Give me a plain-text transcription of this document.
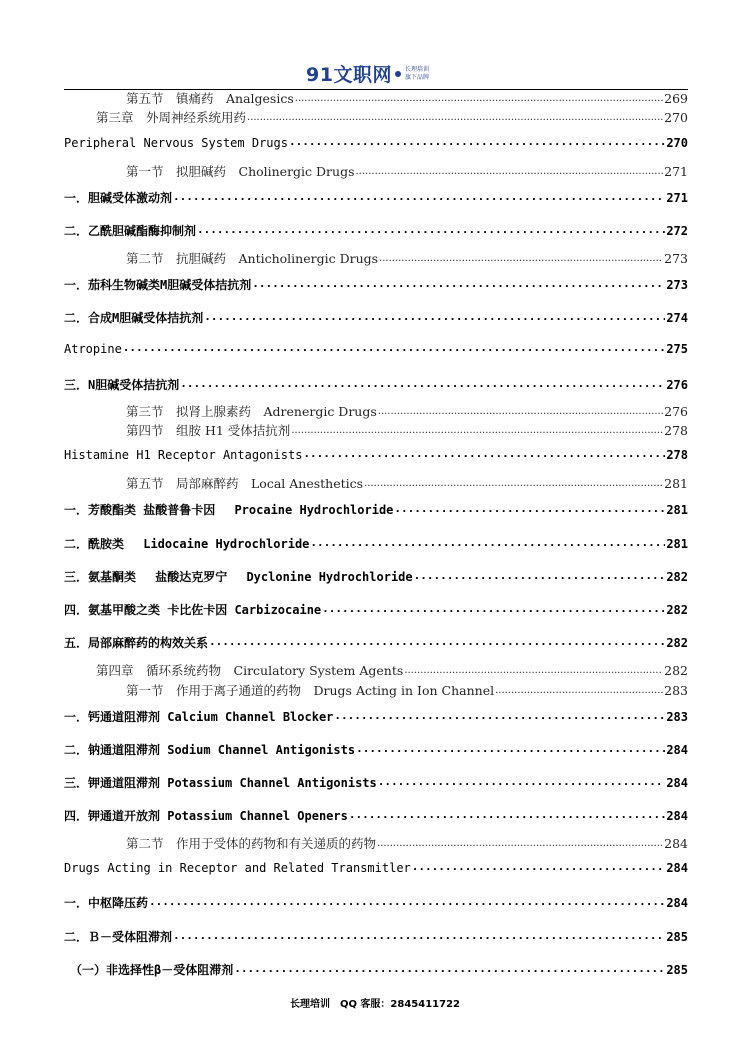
91文职网 长理培训
旗下品牌
第五节　镇痛药　Analgesics .....	269
第三章　外周神经系统用药 .....	270
Peripheral Nervous System Drugs .....	270
第一节　拟胆碱药　Cholinergic Drugs .....	271
一．胆碱受体激动剂 .....	271
二．乙酰胆碱酯酶抑制剂 .....	272
第二节　抗胆碱药　Anticholinergic Drugs .....	273
一．茄科生物碱类M胆碱受体拮抗剂 .....	273
二．合成M胆碱受体拮抗剂 .....	274
Atropine .....	275
三．N胆碱受体拮抗剂 .....	276
第三节　拟肾上腺素药　Adrenergic Drugs .....	276
第四节　组胺 H1 受体拮抗剂 .....	278
Histamine H1 Receptor Antagonists .....	278
第五节　局部麻醉药　Local Anesthetics .....	281
一．芳酸酯类 盐酸普鲁卡因　 Procaine Hydrochloride .....	281
二．酰胺类　 Lidocaine Hydrochloride .....	281
三．氨基酮类　 盐酸达克罗宁　 Dyclonine Hydrochloride .....	282
四．氨基甲酸之类 卡比佐卡因 Carbizocaine .....	282
五．局部麻醉药的构效关系 .....	282
第四章　循环系统药物　Circulatory System Agents .....	282
第一节　作用于离子通道的药物　Drugs Acting in Ion Channel .....	283
一．钙通道阻滞剂 Calcium Channel Blocker .....	283
二．钠通道阻滞剂 Sodium Channel Antigonists .....	284
三．钾通道阻滞剂 Potassium Channel Antigonists .....	284
四．钾通道开放剂 Potassium Channel Openers .....	284
第二节　作用于受体的药物和有关递质的药物 .....	284
Drugs Acting in Receptor and Related Transmitler .....	284
一．中枢降压药 .....	284
二．Ｂ－受体阻滞剂 .....	285
（一）非选择性β－受体阻滞剂 .....	285
长理培训　QQ 客服：2845411722
